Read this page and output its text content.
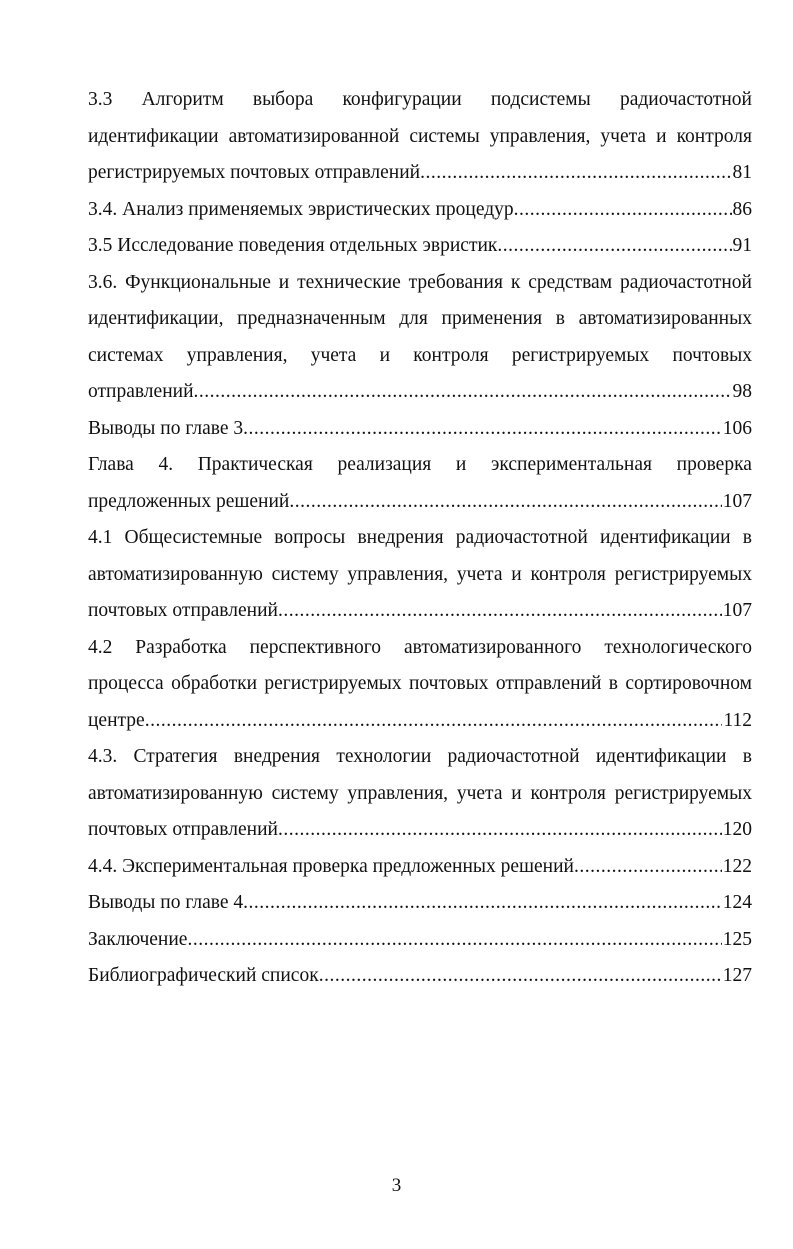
3.3 Алгоритм выбора конфигурации подсистемы радиочастотной
идентификации автоматизированной системы управления, учета и контроля
регистрируемых почтовых отправлений .....	81
3.4. Анализ применяемых эвристических процедур .....	86
3.5 Исследование поведения отдельных эвристик .....	91
3.6. Функциональные и технические требования к средствам радиочастотной
идентификации, предназначенным для применения в автоматизированных
системах управления, учета и контроля регистрируемых почтовых
отправлений .....	98
Выводы по главе 3 .....	106
Глава 4. Практическая реализация и экспериментальная проверка
предложенных решений .....	107
4.1 Общесистемные вопросы внедрения радиочастотной идентификации в
автоматизированную систему управления, учета и контроля регистрируемых
почтовых отправлений .....	107
4.2 Разработка перспективного автоматизированного технологического
процесса обработки регистрируемых почтовых отправлений в сортировочном
центре .....	112
4.3. Стратегия внедрения технологии радиочастотной идентификации в
автоматизированную систему управления, учета и контроля регистрируемых
почтовых отправлений .....	120
4.4. Экспериментальная проверка предложенных решений .....	122
Выводы по главе 4 .....	124
Заключение .....	125
Библиографический список .....	127
3
